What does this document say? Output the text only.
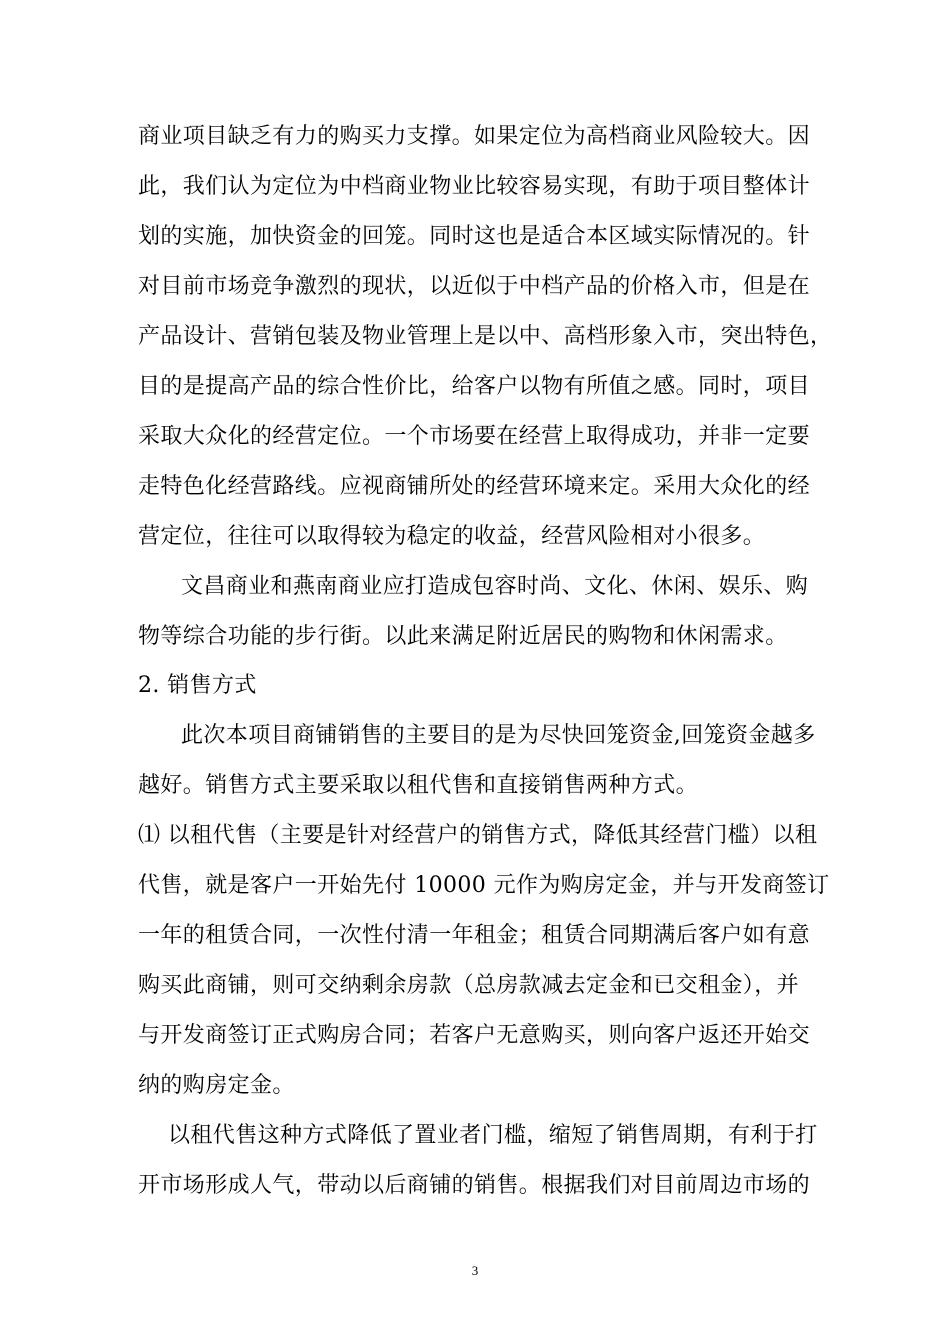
商业项目缺乏有力的购买力支撑。如果定位为高档商业风险较大。因
此，我们认为定位为中档商业物业比较容易实现，有助于项目整体计
划的实施，加快资金的回笼。同时这也是适合本区域实际情况的。针
对目前市场竞争激烈的现状，以近似于中档产品的价格入市，但是在
产品设计、营销包装及物业管理上是以中、高档形象入市，突出特色，
目的是提高产品的综合性价比，给客户以物有所值之感。同时，项目
采取大众化的经营定位。一个市场要在经营上取得成功，并非一定要
走特色化经营路线。应视商铺所处的经营环境来定。采用大众化的经
营定位，往往可以取得较为稳定的收益，经营风险相对小很多。
文昌商业和燕南商业应打造成包容时尚、文化、休闲、娱乐、购
物等综合功能的步行街。以此来满足附近居民的购物和休闲需求。
2. 销售方式
此次本项目商铺销售的主要目的是为尽快回笼资金,回笼资金越多
越好。销售方式主要采取以租代售和直接销售两种方式。
⑴ 以租代售（主要是针对经营户的销售方式，降低其经营门槛）以租
代售，就是客户一开始先付 10000 元作为购房定金，并与开发商签订
一年的租赁合同，一次性付清一年租金；租赁合同期满后客户如有意
购买此商铺，则可交纳剩余房款（总房款减去定金和已交租金），并
与开发商签订正式购房合同；若客户无意购买，则向客户返还开始交
纳的购房定金。
以租代售这种方式降低了置业者门槛，缩短了销售周期，有利于打
开市场形成人气，带动以后商铺的销售。根据我们对目前周边市场的
3
